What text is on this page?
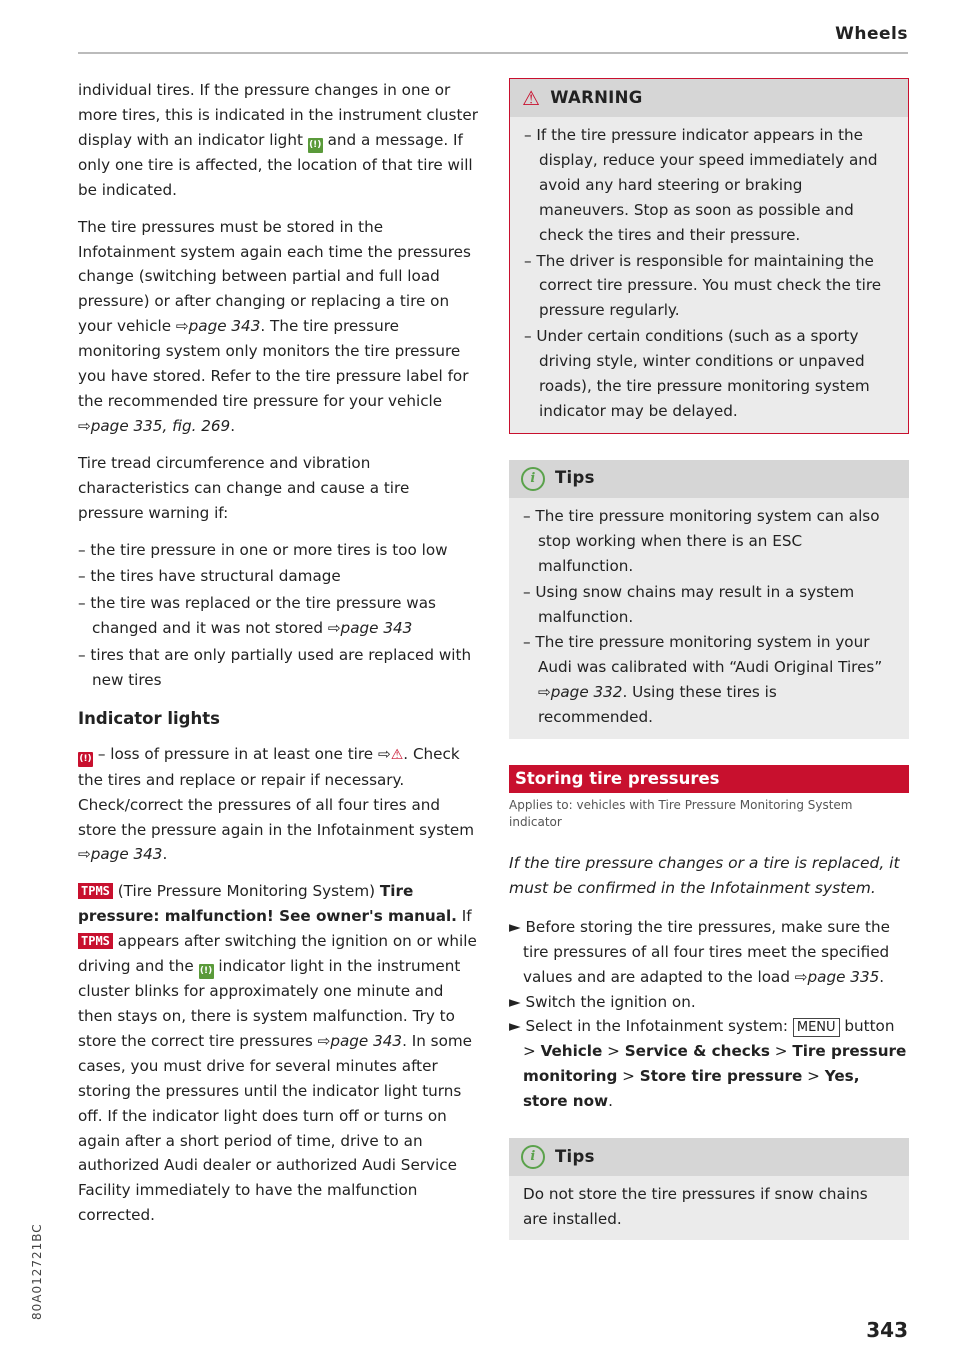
Wheels

individual tires. If the pressure changes in one or more tires, this is indicated in the instrument cluster display with an indicator light (!) and a message. If only one tire is affected, the location of that tire will be indicated.

The tire pressures must be stored in the Infotainment system again each time the pressures change (switching between partial and full load pressure) or after changing or replacing a tire on your vehicle ⇨page 343. The tire pressure monitoring system only monitors the tire pressure you have stored. Refer to the tire pressure label for the recommended tire pressure for your vehicle ⇨page 335, fig. 269.

Tire tread circumference and vibration characteristics can change and cause a tire pressure warning if:

– the tire pressure in one or more tires is too low
– the tires have structural damage
– the tire was replaced or the tire pressure was changed and it was not stored ⇨page 343
– tires that are only partially used are replaced with new tires
Indicator lights

(!) – loss of pressure in at least one tire ⇨⚠. Check the tires and replace or repair if necessary. Check/correct the pressures of all four tires and store the pressure again in the Infotainment system ⇨page 343.

TPMS (Tire Pressure Monitoring System) Tire pressure: malfunction! See owner's manual. If TPMS appears after switching the ignition on or while driving and the (!) indicator light in the instrument cluster blinks for approximately one minute and then stays on, there is system malfunction. Try to store the correct tire pressures ⇨page 343. In some cases, you must drive for several minutes after storing the pressures until the indicator light turns off. If the indicator light does turn off or turns on again after a short period of time, drive to an authorized Audi dealer or authorized Audi Service Facility immediately to have the malfunction corrected.

⚠ WARNING
– If the tire pressure indicator appears in the display, reduce your speed immediately and avoid any hard steering or braking maneuvers. Stop as soon as possible and check the tires and their pressure.
– The driver is responsible for maintaining the correct tire pressure. You must check the tire pressure regularly.
– Under certain conditions (such as a sporty driving style, winter conditions or unpaved roads), the tire pressure monitoring system indicator may be delayed.
i	Tips
– The tire pressure monitoring system can also stop working when there is an ESC malfunction.
– Using snow chains may result in a system malfunction.
– The tire pressure monitoring system in your Audi was calibrated with “Audi Original Tires” ⇨page 332. Using these tires is recommended.
Storing tire pressures
Applies to: vehicles with Tire Pressure Monitoring System indicator

If the tire pressure changes or a tire is replaced, it must be confirmed in the Infotainment system.

► Before storing the tire pressures, make sure the tire pressures of all four tires meet the specified values and are adapted to the load ⇨page 335.
► Switch the ignition on.
► Select in the Infotainment system: MENU button > Vehicle > Service & checks > Tire pressure monitoring > Store tire pressure > Yes, store now.
i	Tips
Do not store the tire pressures if snow chains are installed.
80A012721BC
343
